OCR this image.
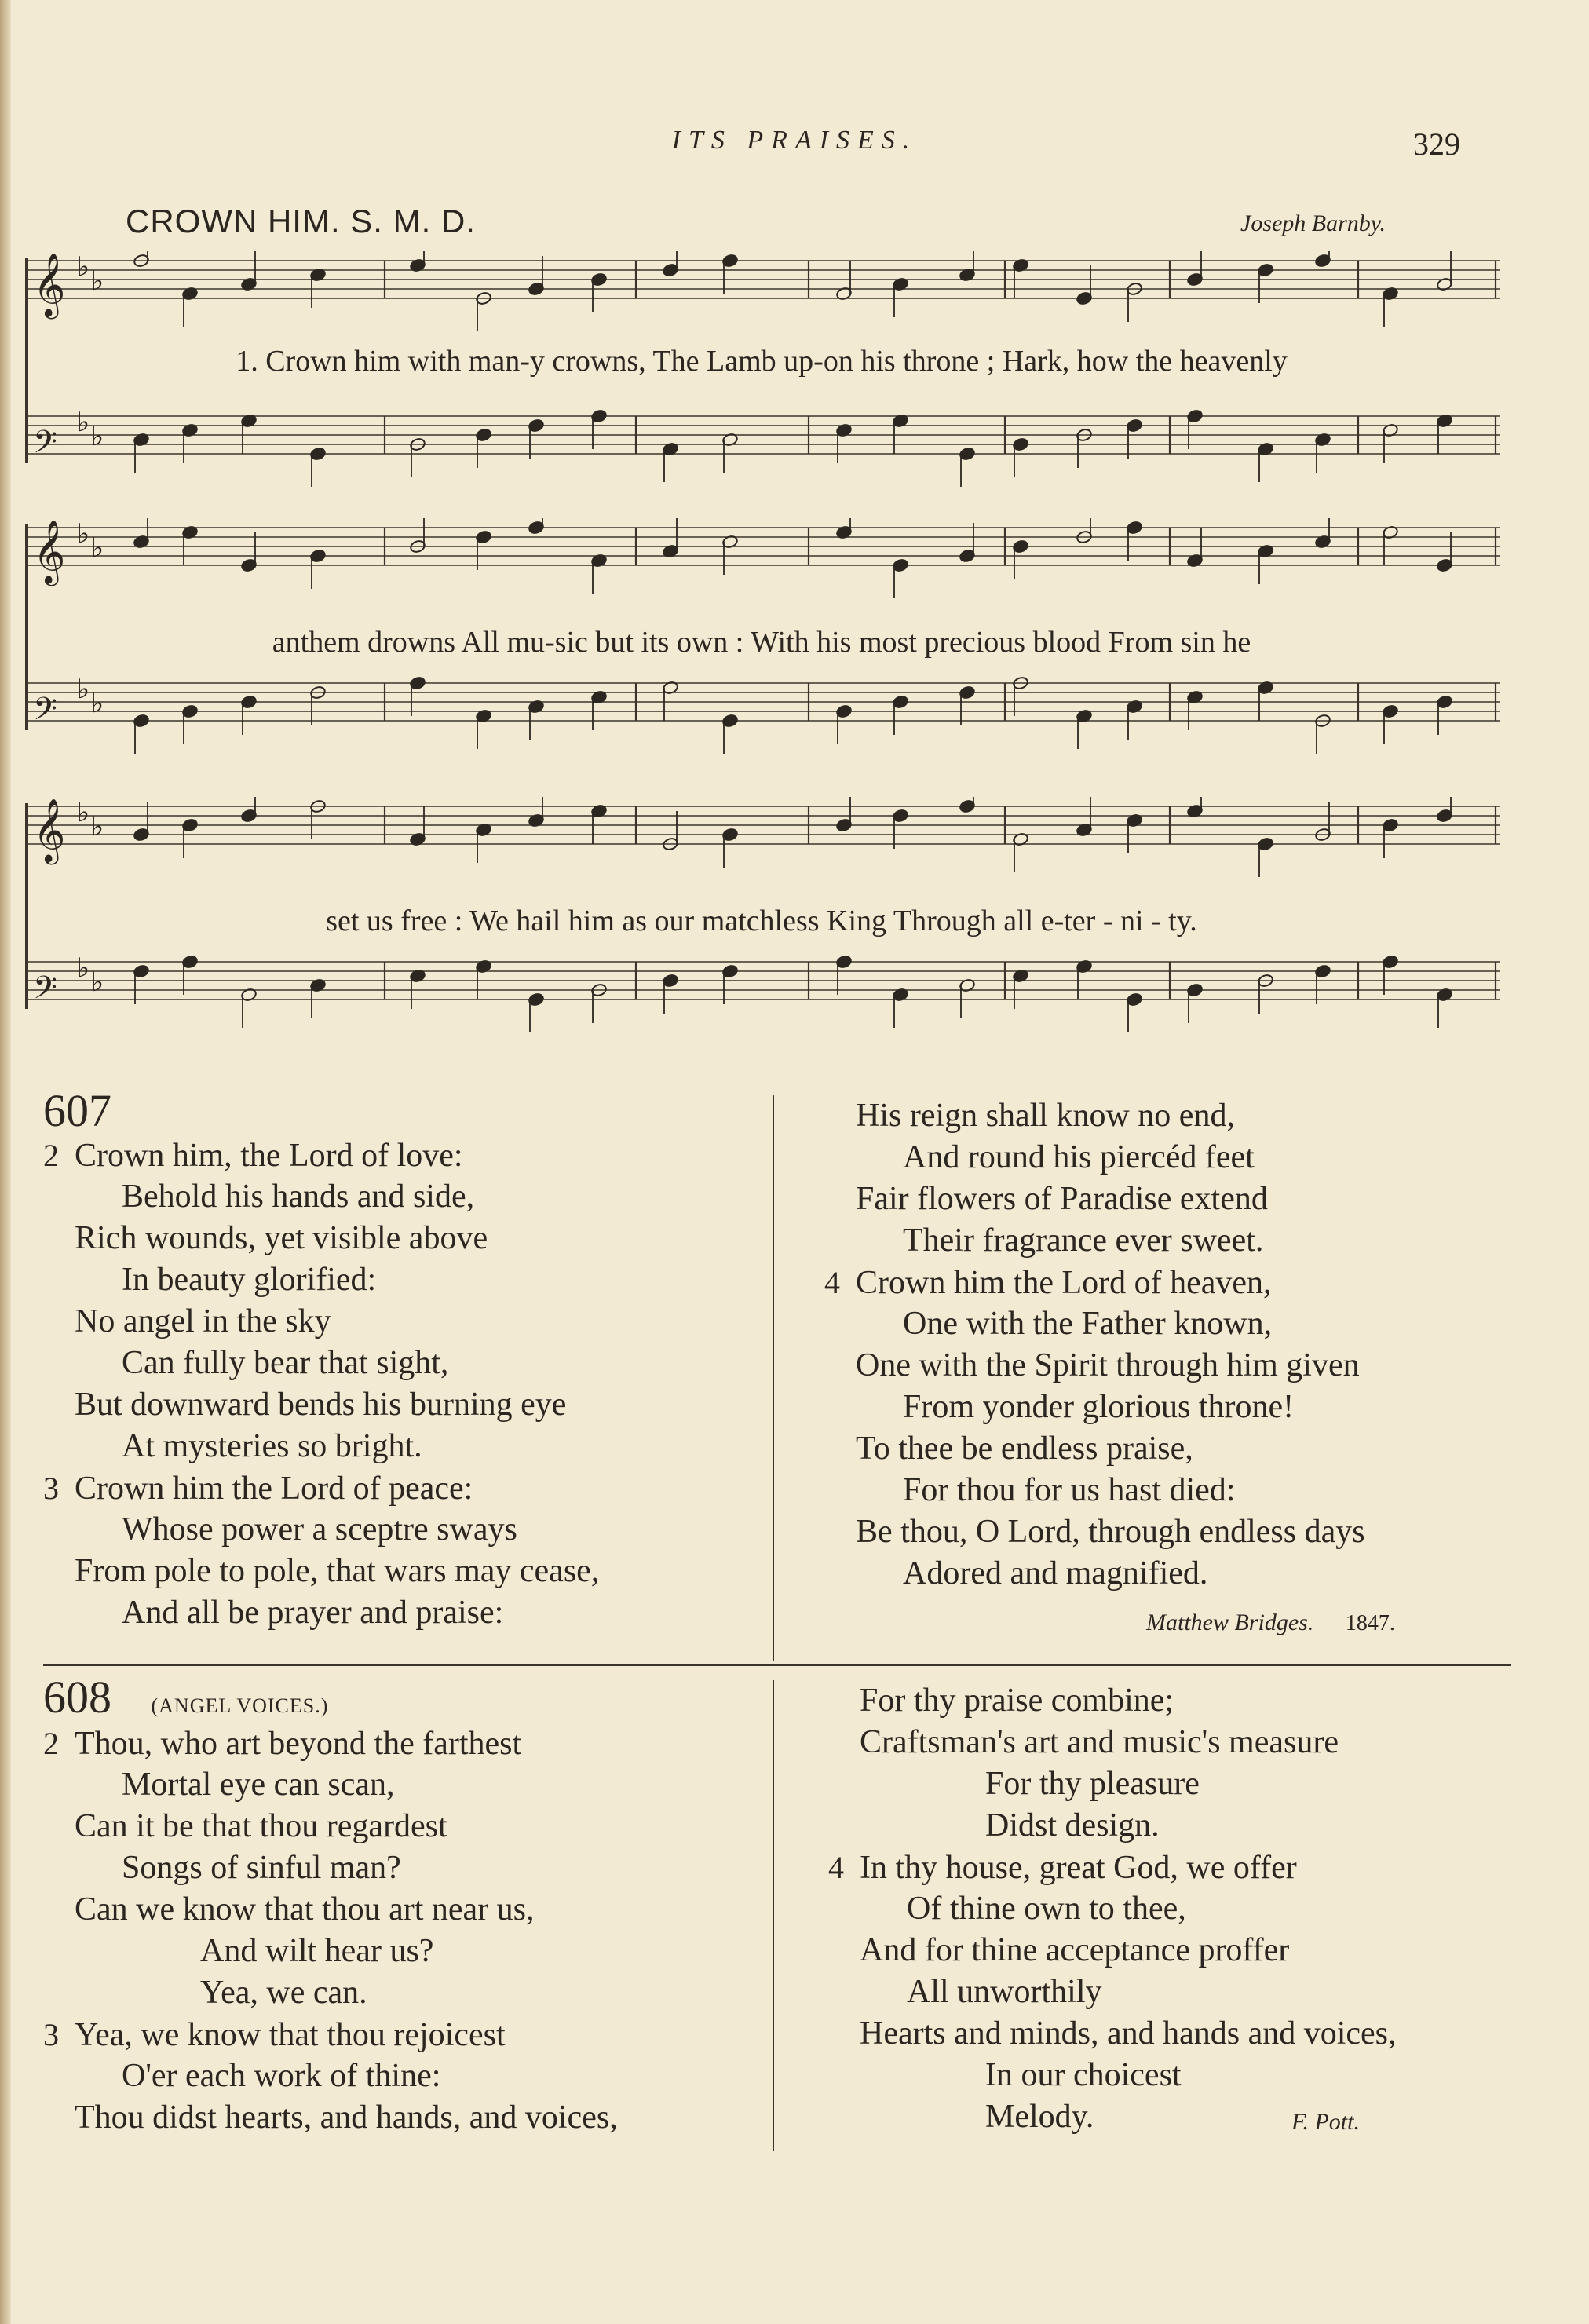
ITS PRAISES.	329
CROWN HIM. S. M. D.	Joseph Barnby.
𝄞 ♭ ♭
𝄢
♭ ♭
1. Crown him with man-y crowns, The Lamb up-on his throne ; Hark, how the heavenly
𝄞 ♭ ♭
𝄢
♭ ♭
anthem drowns All mu-sic but its own : With his most precious blood From sin he
𝄞 ♭ ♭
𝄢
♭ ♭
set us free : We hail him as our matchless King Through all e-ter - ni - ty.
607
2 Crown him, the Lord of love:
Behold his hands and side,
Rich wounds, yet visible above
In beauty glorified:
No angel in the sky
Can fully bear that sight,
But downward bends his burning eye
At mysteries so bright.
3 Crown him the Lord of peace:
Whose power a sceptre sways
From pole to pole, that wars may cease,
And all be prayer and praise:
His reign shall know no end,
And round his piercéd feet
Fair flowers of Paradise extend
Their fragrance ever sweet.
4 Crown him the Lord of heaven,
One with the Father known,
One with the Spirit through him given
From yonder glorious throne!
To thee be endless praise,
For thou for us hast died:
Be thou, O Lord, through endless days
Adored and magnified.
Matthew Bridges. 1847.
608 (ANGEL VOICES.)
2 Thou, who art beyond the farthest
Mortal eye can scan,
Can it be that thou regardest
Songs of sinful man?
Can we know that thou art near us,
And wilt hear us?
Yea, we can.
3 Yea, we know that thou rejoicest
O'er each work of thine:
Thou didst hearts, and hands, and voices,
For thy praise combine;
Craftsman's art and music's measure
For thy pleasure
Didst design.
4 In thy house, great God, we offer
Of thine own to thee,
And for thine acceptance proffer
All unworthily
Hearts and minds, and hands and voices,
In our choicest
Melody.	F. Pott.
